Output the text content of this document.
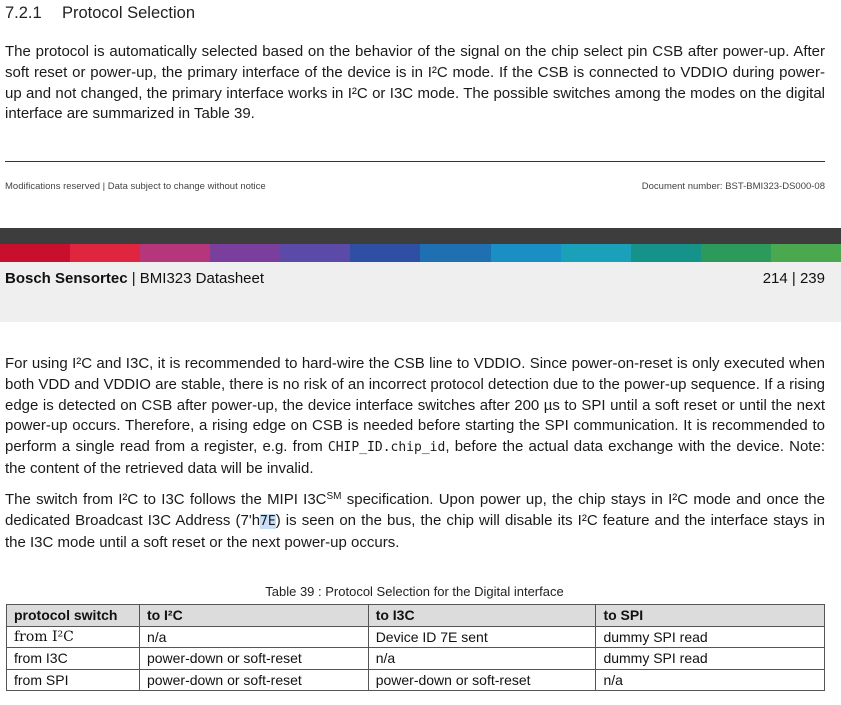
7.2.1 Protocol Selection

The protocol is automatically selected based on the behavior of the signal on the chip select pin CSB after power-up. After soft reset or power-up, the primary interface of the device is in I²C mode. If the CSB is connected to VDDIO during power-up and not changed, the primary interface works in I²C or I3C mode. The possible switches among the modes on the digital interface are summarized in Table 39.

Modifications reserved | Data subject to change without notice	Document number: BST-BMI323-DS000-08
Bosch Sensortec | BMI323 Datasheet	214 | 239

For using I²C and I3C, it is recommended to hard-wire the CSB line to VDDIO. Since power-on-reset is only executed when both VDD and VDDIO are stable, there is no risk of an incorrect protocol detection due to the power-up sequence. If a rising edge is detected on CSB after power-up, the device interface switches after 200 µs to SPI until a soft reset or until the next power-up occurs. Therefore, a rising edge on CSB is needed before starting the SPI communication. It is recommended to perform a single read from a register, e.g. from CHIP_ID.chip_id, before the actual data exchange with the device. Note: the content of the retrieved data will be invalid.

The switch from I²C to I3C follows the MIPI I3C℠ specification. Upon power up, the chip stays in I²C mode and once the dedicated Broadcast I3C Address (7'h7E) is seen on the bus, the chip will disable its I²C feature and the interface stays in the I3C mode until a soft reset or the next power-up occurs.

Table 39 : Protocol Selection for the Digital interface
protocol switch	to I²C	to I3C	to SPI
from I²C	n/a	Device ID 7E sent	dummy SPI read
from I3C	power-down or soft-reset	n/a	dummy SPI read
from SPI	power-down or soft-reset	power-down or soft-reset	n/a
